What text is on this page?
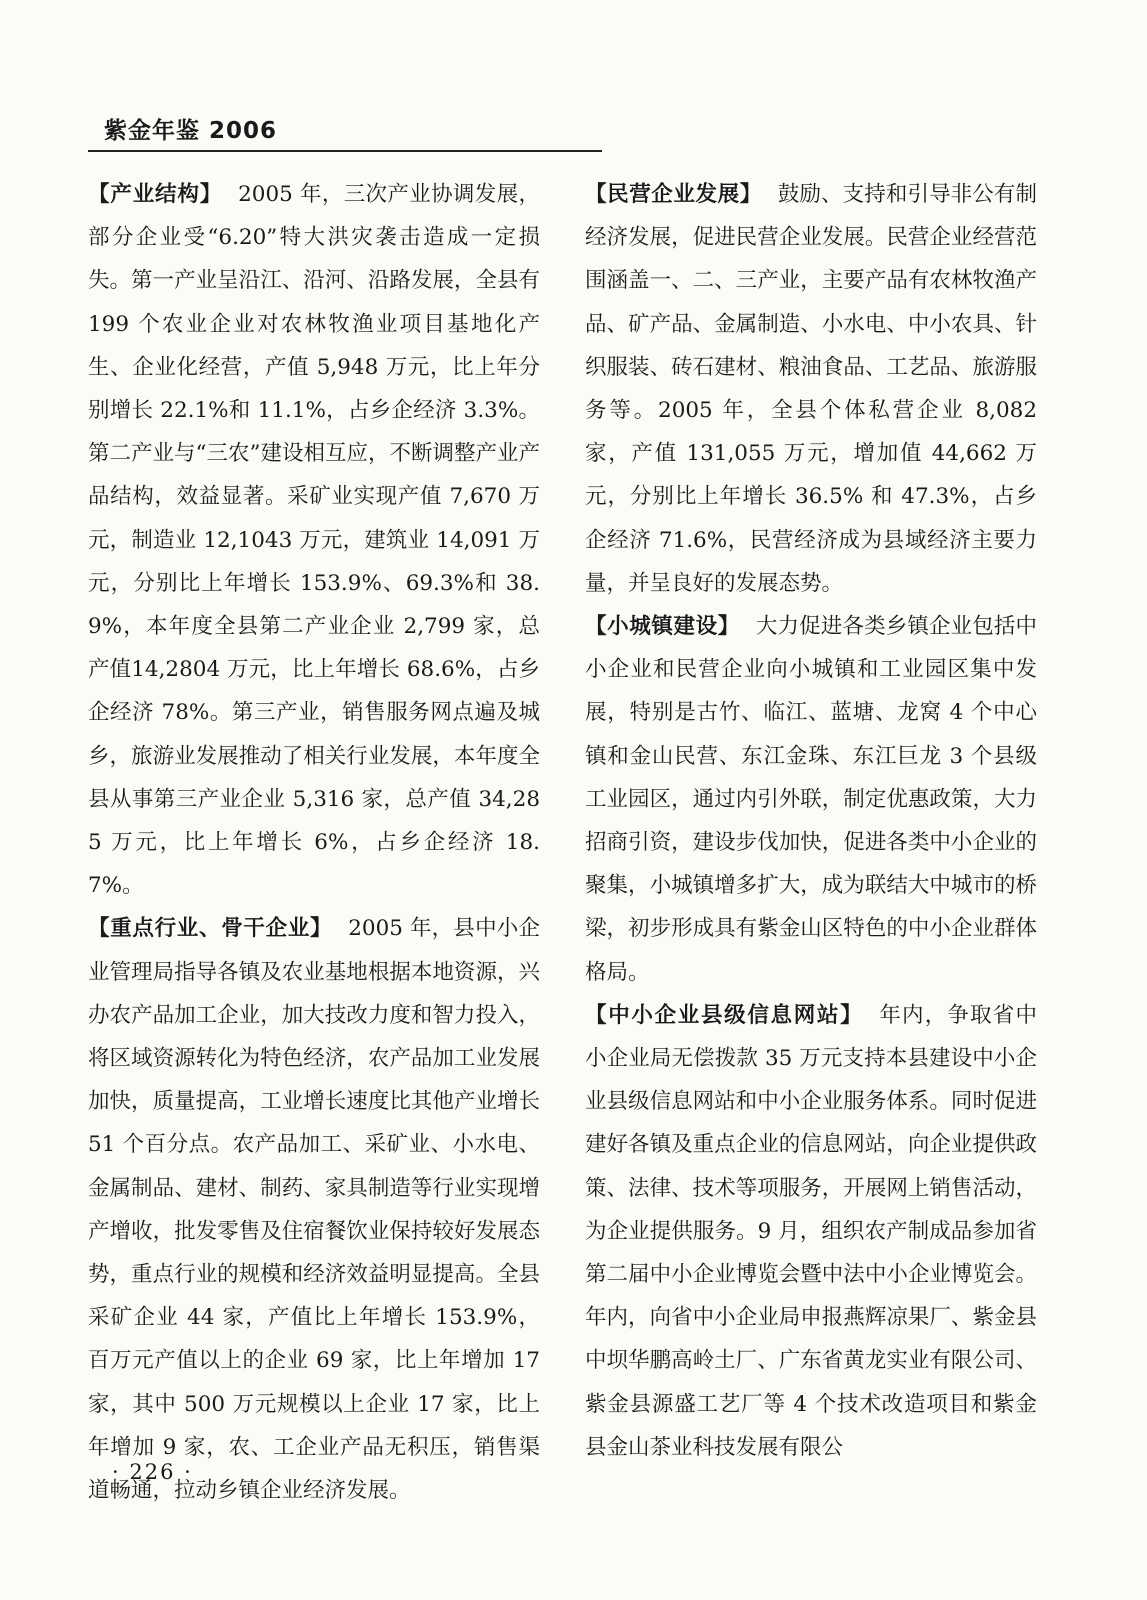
紫金年鉴 2006

【产业结构】 2005 年，三次产业协调发展，部分企业受“6.20”特大洪灾袭击造成一定损失。第一产业呈沿江、沿河、沿路发展，全县有 199 个农业企业对农林牧渔业项目基地化产生、企业化经营，产值 5,948 万元，比上年分别增长 22.1%和 11.1%，占乡企经济 3.3%。第二产业与“三农”建设相互应，不断调整产业产品结构，效益显著。采矿业实现产值 7,670 万元，制造业 12,1043 万元，建筑业 14,091 万元，分别比上年增长 153.9%、69.3%和 38.9%，本年度全县第二产业企业 2,799 家，总产值14,2804 万元，比上年增长 68.6%，占乡企经济 78%。第三产业，销售服务网点遍及城乡，旅游业发展推动了相关行业发展，本年度全县从事第三产业企业 5,316 家，总产值 34,285 万元，比上年增长 6%，占乡企经济 18.7%。

【重点行业、骨干企业】 2005 年，县中小企业管理局指导各镇及农业基地根据本地资源，兴办农产品加工企业，加大技改力度和智力投入，将区域资源转化为特色经济，农产品加工业发展加快，质量提高，工业增长速度比其他产业增长 51 个百分点。农产品加工、采矿业、小水电、金属制品、建材、制药、家具制造等行业实现增产增收，批发零售及住宿餐饮业保持较好发展态势，重点行业的规模和经济效益明显提高。全县采矿企业 44 家，产值比上年增长 153.9%，百万元产值以上的企业 69 家，比上年增加 17 家，其中 500 万元规模以上企业 17 家，比上年增加 9 家，农、工企业产品无积压，销售渠道畅通，拉动乡镇企业经济发展。

【民营企业发展】 鼓励、支持和引导非公有制经济发展，促进民营企业发展。民营企业经营范围涵盖一、二、三产业，主要产品有农林牧渔产品、矿产品、金属制造、小水电、中小农具、针织服装、砖石建材、粮油食品、工艺品、旅游服务等。2005 年，全县个体私营企业 8,082 家，产值 131,055 万元，增加值 44,662 万元，分别比上年增长 36.5% 和 47.3%，占乡企经济 71.6%，民营经济成为县域经济主要力量，并呈良好的发展态势。

【小城镇建设】 大力促进各类乡镇企业包括中小企业和民营企业向小城镇和工业园区集中发展，特别是古竹、临江、蓝塘、龙窝 4 个中心镇和金山民营、东江金珠、东江巨龙 3 个县级工业园区，通过内引外联，制定优惠政策，大力招商引资，建设步伐加快，促进各类中小企业的聚集，小城镇增多扩大，成为联结大中城市的桥梁，初步形成具有紫金山区特色的中小企业群体格局。

【中小企业县级信息网站】 年内，争取省中小企业局无偿拨款 35 万元支持本县建设中小企业县级信息网站和中小企业服务体系。同时促进建好各镇及重点企业的信息网站，向企业提供政策、法律、技术等项服务，开展网上销售活动，为企业提供服务。9 月，组织农产制成品参加省第二届中小企业博览会暨中法中小企业博览会。年内，向省中小企业局申报燕辉凉果厂、紫金县中坝华鹏高岭土厂、广东省黄龙实业有限公司、紫金县源盛工艺厂等 4 个技术改造项目和紫金县金山茶业科技发展有限公

· 226 ·
